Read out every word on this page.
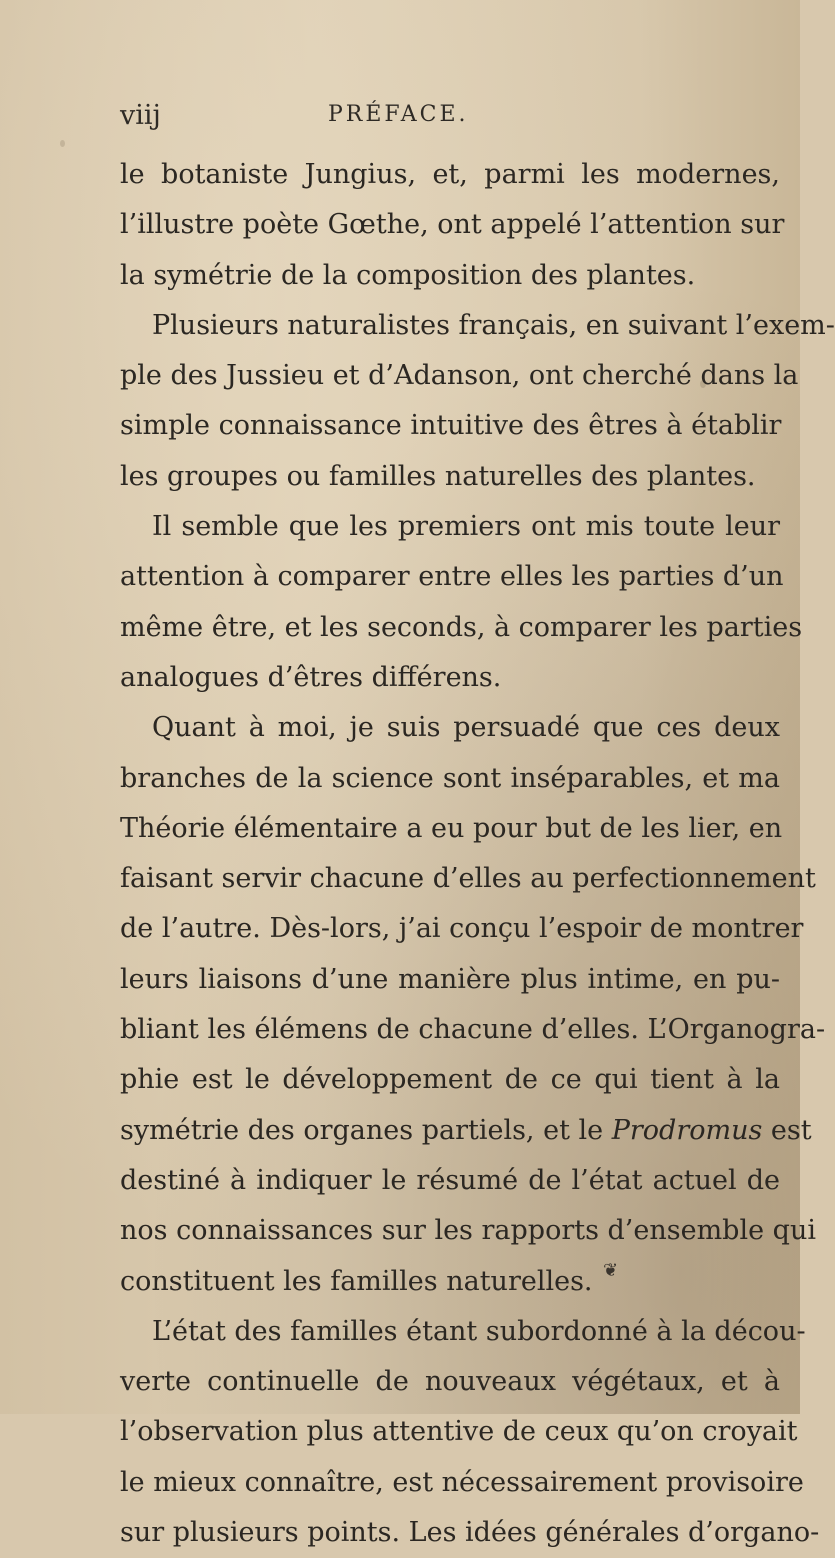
viij	PRÉFACE.
le botaniste Jungius, et, parmi les modernes,
l’illustre poète Gœthe, ont appelé l’attention sur
la symétrie de la composition des plantes.
Plusieurs naturalistes français, en suivant l’exem-
ple des Jussieu et d’Adanson, ont cherché dans la
simple connaissance intuitive des êtres à établir
les groupes ou familles naturelles des plantes.
Il semble que les premiers ont mis toute leur
attention à comparer entre elles les parties d’un
même être, et les seconds, à comparer les parties
analogues d’êtres différens.
Quant à moi, je suis persuadé que ces deux
branches de la science sont inséparables, et ma
Théorie élémentaire a eu pour but de les lier, en
faisant servir chacune d’elles au perfectionnement
de l’autre. Dès-lors, j’ai conçu l’espoir de montrer
leurs liaisons d’une manière plus intime, en pu-
bliant les élémens de chacune d’elles. L’Organogra-
phie est le développement de ce qui tient à la
symétrie des organes partiels, et le Prodromus est
destiné à indiquer le résumé de l’état actuel de
nos connaissances sur les rapports d’ensemble qui
constituent les familles naturelles.
L’état des familles étant subordonné à la décou-
verte continuelle de nouveaux végétaux, et à
l’observation plus attentive de ceux qu’on croyait
le mieux connaître, est nécessairement provisoire
sur plusieurs points. Les idées générales d’organo-
❦
